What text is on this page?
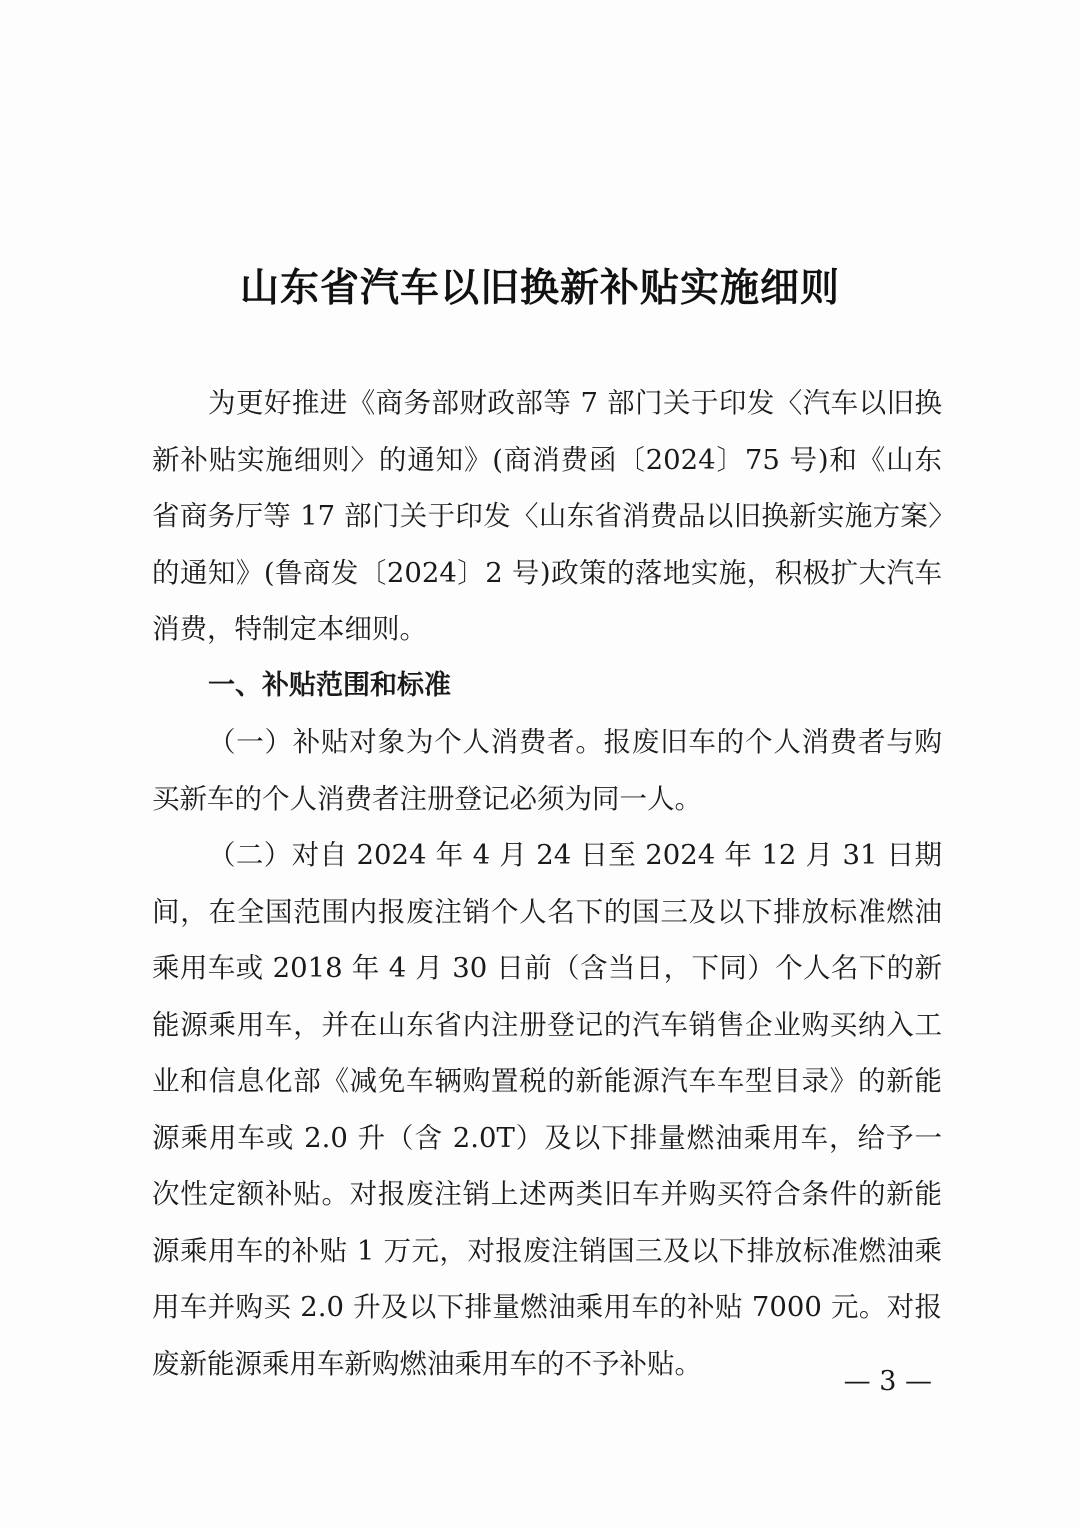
山东省汽车以旧换新补贴实施细则

为更好推进《商务部财政部等 7 部门关于印发〈汽车以旧换新补贴实施细则〉的通知》(商消费函〔2024〕75 号)和《山东省商务厅等 17 部门关于印发〈山东省消费品以旧换新实施方案〉的通知》(鲁商发〔2024〕2 号)政策的落地实施，积极扩大汽车消费，特制定本细则。

一、补贴范围和标准

（一）补贴对象为个人消费者。报废旧车的个人消费者与购买新车的个人消费者注册登记必须为同一人。

（二）对自 2024 年 4 月 24 日至 2024 年 12 月 31 日期间，在全国范围内报废注销个人名下的国三及以下排放标准燃油乘用车或 2018 年 4 月 30 日前（含当日，下同）个人名下的新能源乘用车，并在山东省内注册登记的汽车销售企业购买纳入工业和信息化部《减免车辆购置税的新能源汽车车型目录》的新能源乘用车或 2.0 升（含 2.0T）及以下排量燃油乘用车，给予一次性定额补贴。对报废注销上述两类旧车并购买符合条件的新能源乘用车的补贴 1 万元，对报废注销国三及以下排放标准燃油乘用车并购买 2.0 升及以下排量燃油乘用车的补贴 7000 元。对报废新能源乘用车新购燃油乘用车的不予补贴。

— 3 —
